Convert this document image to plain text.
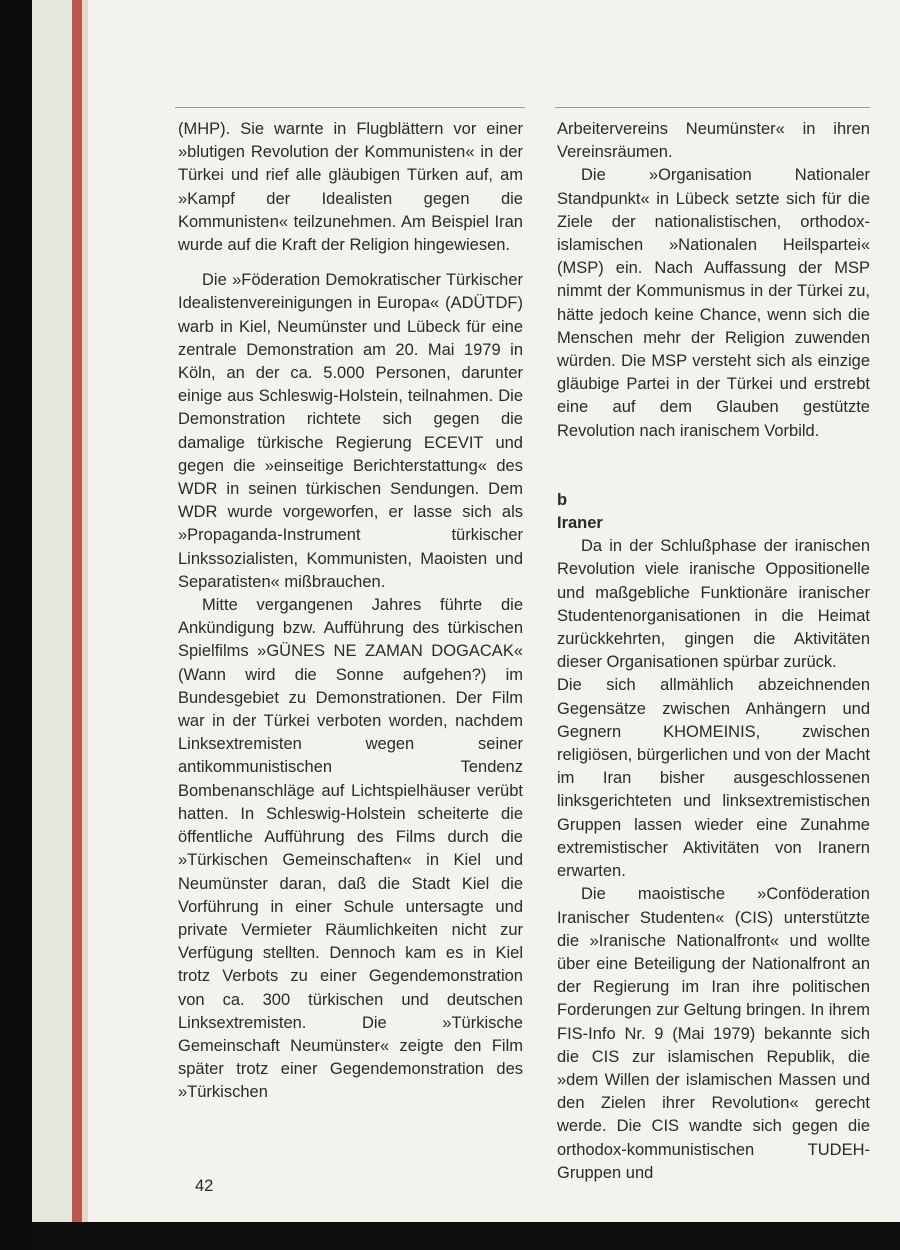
(MHP). Sie warnte in Flugblättern vor einer »blutigen Revolution der Kommunisten« in der Türkei und rief alle gläubigen Türken auf, am »Kampf der Idealisten gegen die Kommunisten« teilzunehmen. Am Beispiel Iran wurde auf die Kraft der Religion hingewiesen.

Die »Föderation Demokratischer Türkischer Idealistenvereinigungen in Europa« (ADÜTDF) warb in Kiel, Neumünster und Lübeck für eine zentrale Demonstration am 20. Mai 1979 in Köln, an der ca. 5.000 Personen, darunter einige aus Schleswig-Holstein, teilnahmen. Die Demonstration richtete sich gegen die damalige türkische Regierung ECEVIT und gegen die »einseitige Berichterstattung« des WDR in seinen türkischen Sendungen. Dem WDR wurde vorgeworfen, er lasse sich als »Propaganda-Instrument türkischer Linkssozialisten, Kommunisten, Maoisten und Separatisten« mißbrauchen.

Mitte vergangenen Jahres führte die Ankündigung bzw. Aufführung des türkischen Spielfilms »GÜNES NE ZAMAN DOGACAK« (Wann wird die Sonne aufgehen?) im Bundesgebiet zu Demonstrationen. Der Film war in der Türkei verboten worden, nachdem Linksextremisten wegen seiner antikommunistischen Tendenz Bombenanschläge auf Lichtspielhäuser verübt hatten. In Schleswig-Holstein scheiterte die öffentliche Aufführung des Films durch die »Türkischen Gemeinschaften« in Kiel und Neumünster daran, daß die Stadt Kiel die Vorführung in einer Schule untersagte und private Vermieter Räumlichkeiten nicht zur Verfügung stellten. Dennoch kam es in Kiel trotz Verbots zu einer Gegendemonstration von ca. 300 türkischen und deutschen Linksextremisten. Die »Türkische Gemeinschaft Neumünster« zeigte den Film später trotz einer Gegendemonstration des »Türkischen

Arbeitervereins Neumünster« in ihren Vereinsräumen.

Die »Organisation Nationaler Standpunkt« in Lübeck setzte sich für die Ziele der nationalistischen, orthodox-islamischen »Nationalen Heilspartei« (MSP) ein. Nach Auffassung der MSP nimmt der Kommunismus in der Türkei zu, hätte jedoch keine Chance, wenn sich die Menschen mehr der Religion zuwenden würden. Die MSP versteht sich als einzige gläubige Partei in der Türkei und erstrebt eine auf dem Glauben gestützte Revolution nach iranischem Vorbild.

b

Iraner

Da in der Schlußphase der iranischen Revolution viele iranische Oppositionelle und maßgebliche Funktionäre iranischer Studentenorganisationen in die Heimat zurückkehrten, gingen die Aktivitäten dieser Organisationen spürbar zurück.

Die sich allmählich abzeichnenden Gegensätze zwischen Anhängern und Gegnern KHOMEINIS, zwischen religiösen, bürgerlichen und von der Macht im Iran bisher ausgeschlossenen linksgerichteten und linksextremistischen Gruppen lassen wieder eine Zunahme extremistischer Aktivitäten von Iranern erwarten.

Die maoistische »Conföderation Iranischer Studenten« (CIS) unterstützte die »Iranische Nationalfront« und wollte über eine Beteiligung der Nationalfront an der Regierung im Iran ihre politischen Forderungen zur Geltung bringen. In ihrem FIS-Info Nr. 9 (Mai 1979) bekannte sich die CIS zur islamischen Republik, die »dem Willen der islamischen Massen und den Zielen ihrer Revolution« gerecht werde. Die CIS wandte sich gegen die orthodox-kommunistischen TUDEH-Gruppen und

42
